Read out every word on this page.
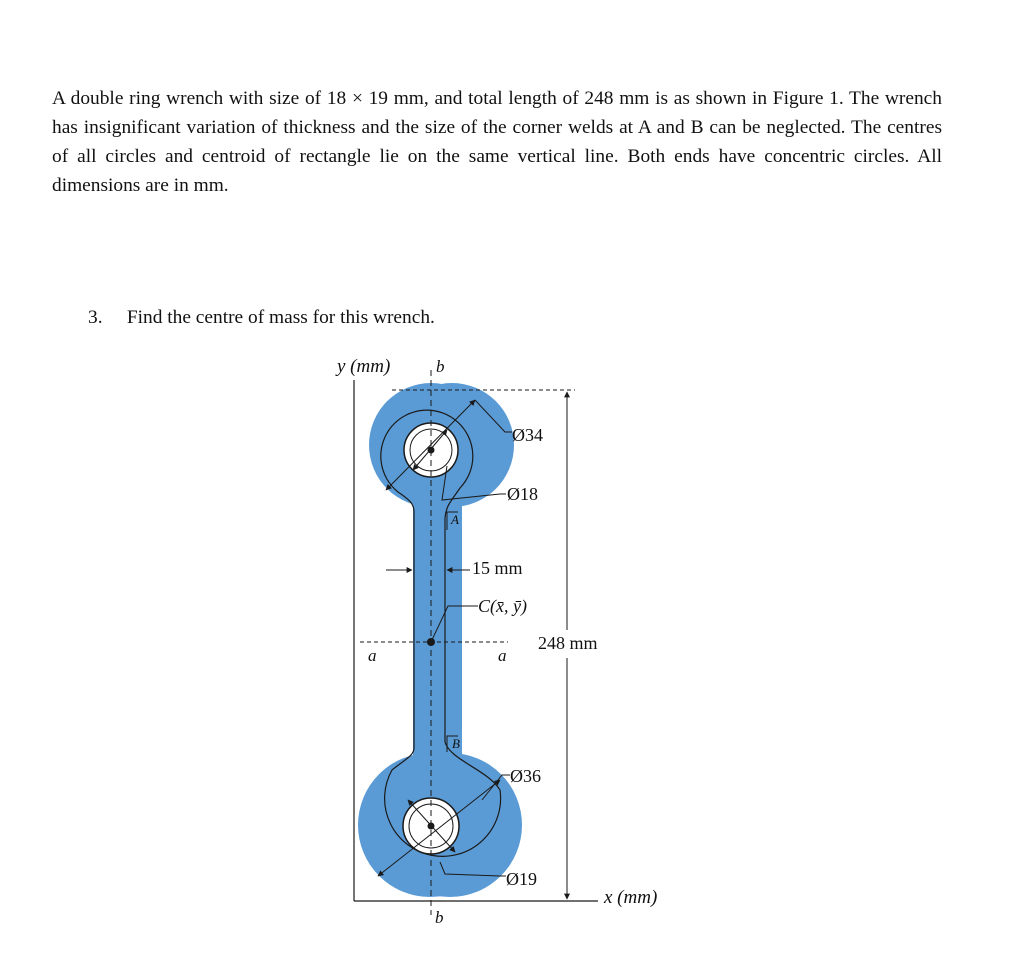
A double ring wrench with size of 18 × 19 mm, and total length of 248 mm is as shown in Figure 1. The wrench has insignificant variation of thickness and the size of the corner welds at A and B can be neglected. The centres of all circles and centroid of rectangle lie on the same vertical line. Both ends have concentric circles. All dimensions are in mm.
3. Find the centre of mass for this wrench.
y (mm)
x (mm)
b
b
a	a
Ø34
Ø18
15 mm
C(x̄, ȳ)
248 mm
A
B
Ø36
Ø19
